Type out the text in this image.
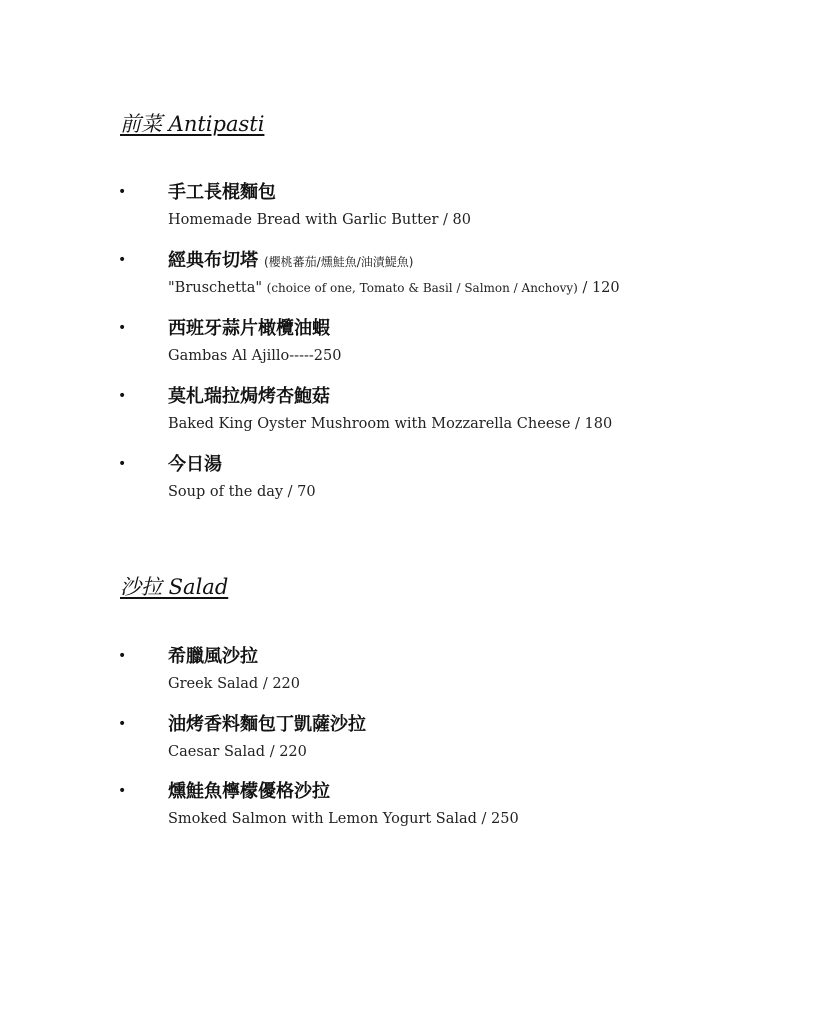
前菜 Antipasti
• 手工長棍麵包
Homemade Bread with Garlic Butter / 80
• 經典布切塔 (櫻桃蕃茄/燻鮭魚/油漬鯷魚)
"Bruschetta" (choice of one, Tomato & Basil / Salmon / Anchovy) / 120
• 西班牙蒜片橄欖油蝦
Gambas Al Ajillo-----250
• 莫札瑞拉焗烤杏鮑菇
Baked King Oyster Mushroom with Mozzarella Cheese / 180
• 今日湯
Soup of the day / 70
沙拉 Salad
• 希臘風沙拉
Greek Salad / 220
• 油烤香料麵包丁凱薩沙拉
Caesar Salad / 220
• 燻鮭魚檸檬優格沙拉
Smoked Salmon with Lemon Yogurt Salad / 250
